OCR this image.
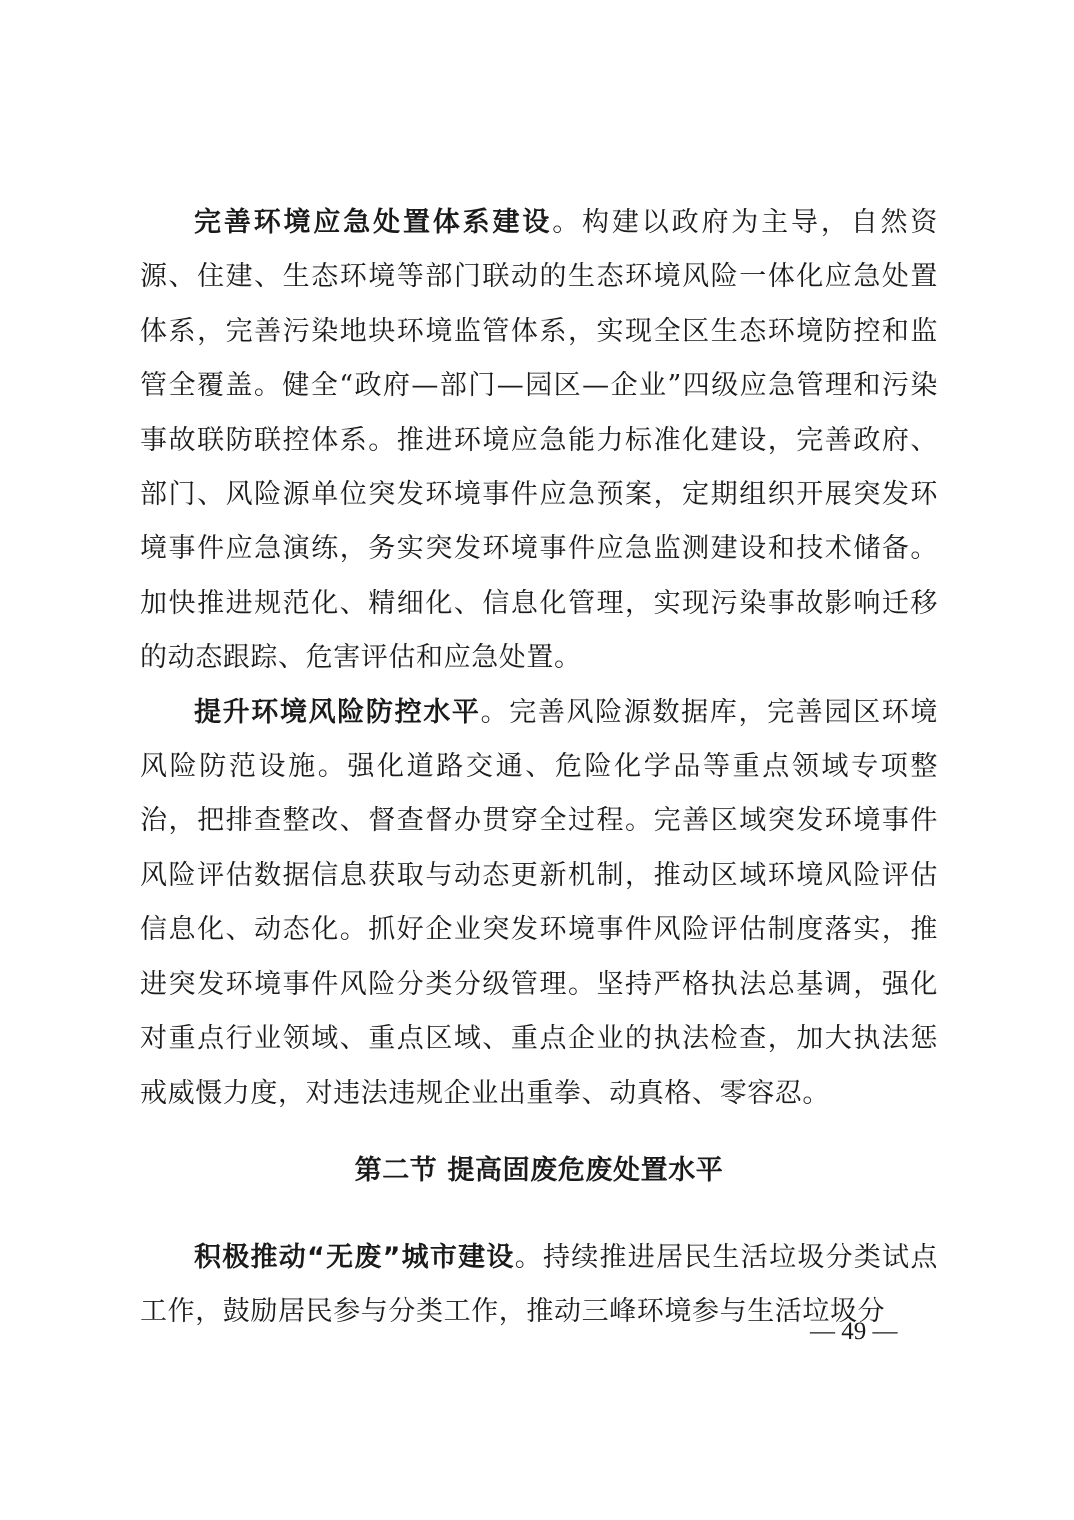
完善环境应急处置体系建设。构建以政府为主导，自然资源、住建、生态环境等部门联动的生态环境风险一体化应急处置体系，完善污染地块环境监管体系，实现全区生态环境防控和监管全覆盖。健全“政府—部门—园区—企业”四级应急管理和污染事故联防联控体系。推进环境应急能力标准化建设，完善政府、部门、风险源单位突发环境事件应急预案，定期组织开展突发环境事件应急演练，务实突发环境事件应急监测建设和技术储备。加快推进规范化、精细化、信息化管理，实现污染事故影响迁移的动态跟踪、危害评估和应急处置。

提升环境风险防控水平。完善风险源数据库，完善园区环境风险防范设施。强化道路交通、危险化学品等重点领域专项整治，把排查整改、督查督办贯穿全过程。完善区域突发环境事件风险评估数据信息获取与动态更新机制，推动区域环境风险评估信息化、动态化。抓好企业突发环境事件风险评估制度落实，推进突发环境事件风险分类分级管理。坚持严格执法总基调，强化对重点行业领域、重点区域、重点企业的执法检查，加大执法惩戒威慑力度，对违法违规企业出重拳、动真格、零容忍。

第二节 提高固废危废处置水平

积极推动“无废”城市建设。持续推进居民生活垃圾分类试点工作，鼓励居民参与分类工作，推动三峰环境参与生活垃圾分

— 49 —
